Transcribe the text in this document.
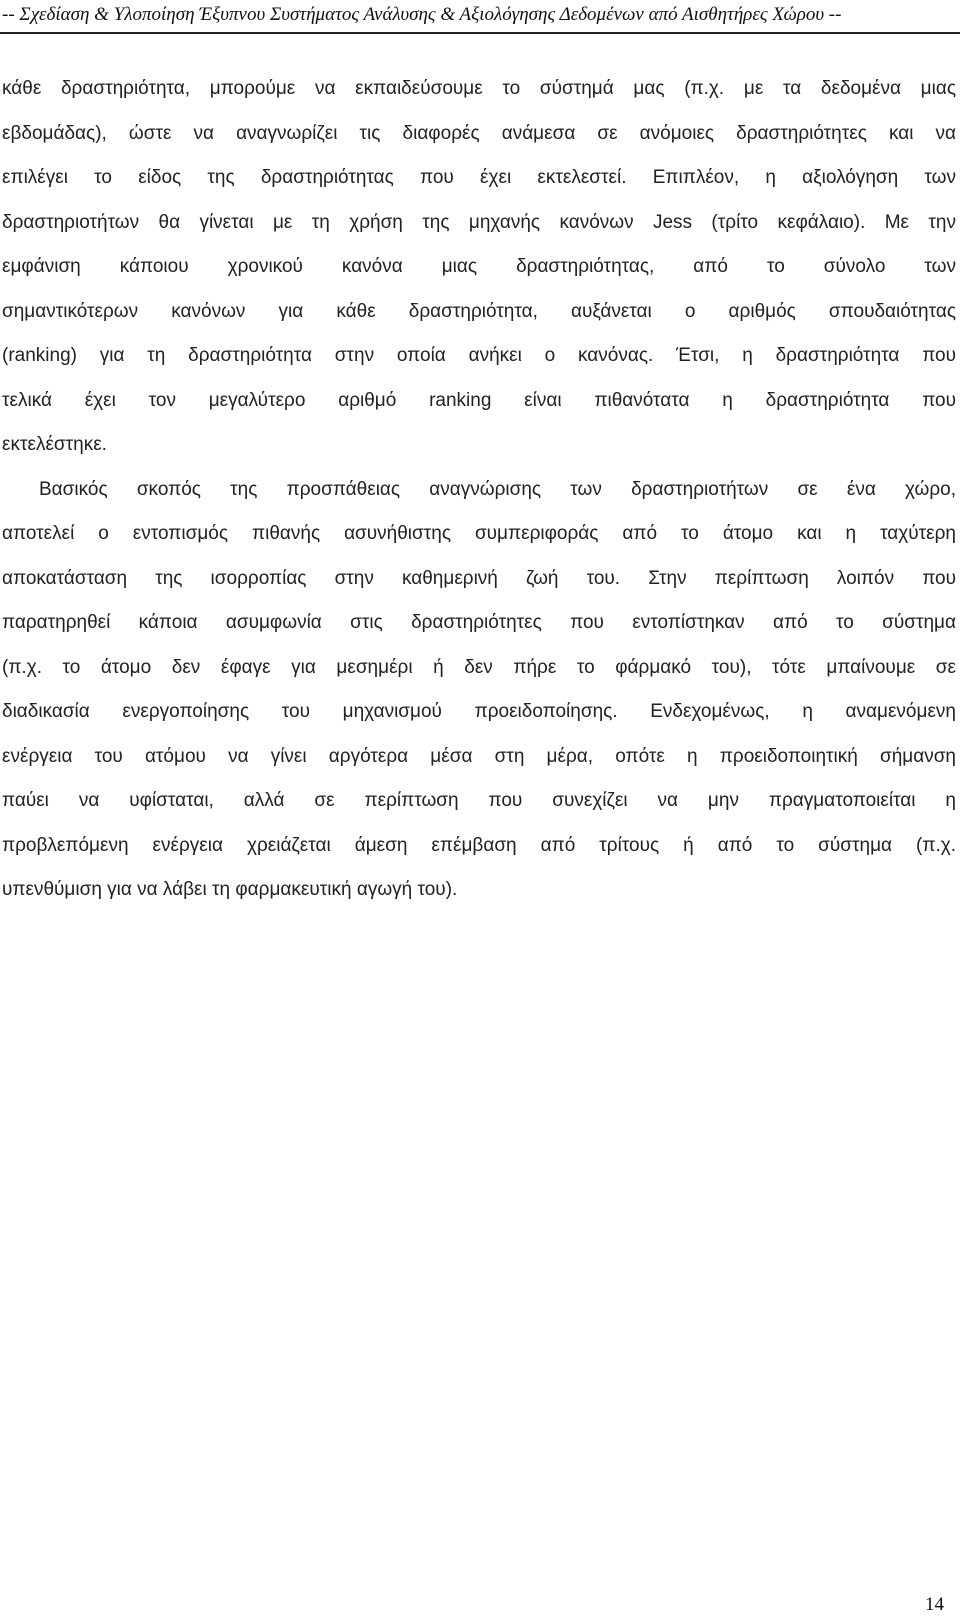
-- Σχεδίαση & Υλοποίηση Έξυπνου Συστήματος Ανάλυσης & Αξιολόγησης Δεδομένων από Αισθητήρες Χώρου --
κάθε δραστηριότητα, μπορούμε να εκπαιδεύσουμε το σύστημά μας (π.χ. με τα δεδομένα μιας
εβδομάδας), ώστε να αναγνωρίζει τις διαφορές ανάμεσα σε ανόμοιες δραστηριότητες και να
επιλέγει το είδος της δραστηριότητας που έχει εκτελεστεί. Επιπλέον, η αξιολόγηση των
δραστηριοτήτων θα γίνεται με τη χρήση της μηχανής κανόνων Jess (τρίτο κεφάλαιο). Με την
εμφάνιση κάποιου χρονικού κανόνα μιας δραστηριότητας, από το σύνολο των
σημαντικότερων κανόνων για κάθε δραστηριότητα, αυξάνεται ο αριθμός σπουδαιότητας
(ranking) για τη δραστηριότητα στην οποία ανήκει ο κανόνας. Έτσι, η δραστηριότητα που
τελικά έχει τον μεγαλύτερο αριθμό ranking είναι πιθανότατα η δραστηριότητα που
εκτελέστηκε.
Βασικός σκοπός της προσπάθειας αναγνώρισης των δραστηριοτήτων σε ένα χώρο,
αποτελεί ο εντοπισμός πιθανής ασυνήθιστης συμπεριφοράς από το άτομο και η ταχύτερη
αποκατάσταση της ισορροπίας στην καθημερινή ζωή του. Στην περίπτωση λοιπόν που
παρατηρηθεί κάποια ασυμφωνία στις δραστηριότητες που εντοπίστηκαν από το σύστημα
(π.χ. το άτομο δεν έφαγε για μεσημέρι ή δεν πήρε το φάρμακό του), τότε μπαίνουμε σε
διαδικασία ενεργοποίησης του μηχανισμού προειδοποίησης. Ενδεχομένως, η αναμενόμενη
ενέργεια του ατόμου να γίνει αργότερα μέσα στη μέρα, οπότε η προειδοποιητική σήμανση
παύει να υφίσταται, αλλά σε περίπτωση που συνεχίζει να μην πραγματοποιείται η
προβλεπόμενη ενέργεια χρειάζεται άμεση επέμβαση από τρίτους ή από το σύστημα (π.χ.
υπενθύμιση για να λάβει τη φαρμακευτική αγωγή του).
14
